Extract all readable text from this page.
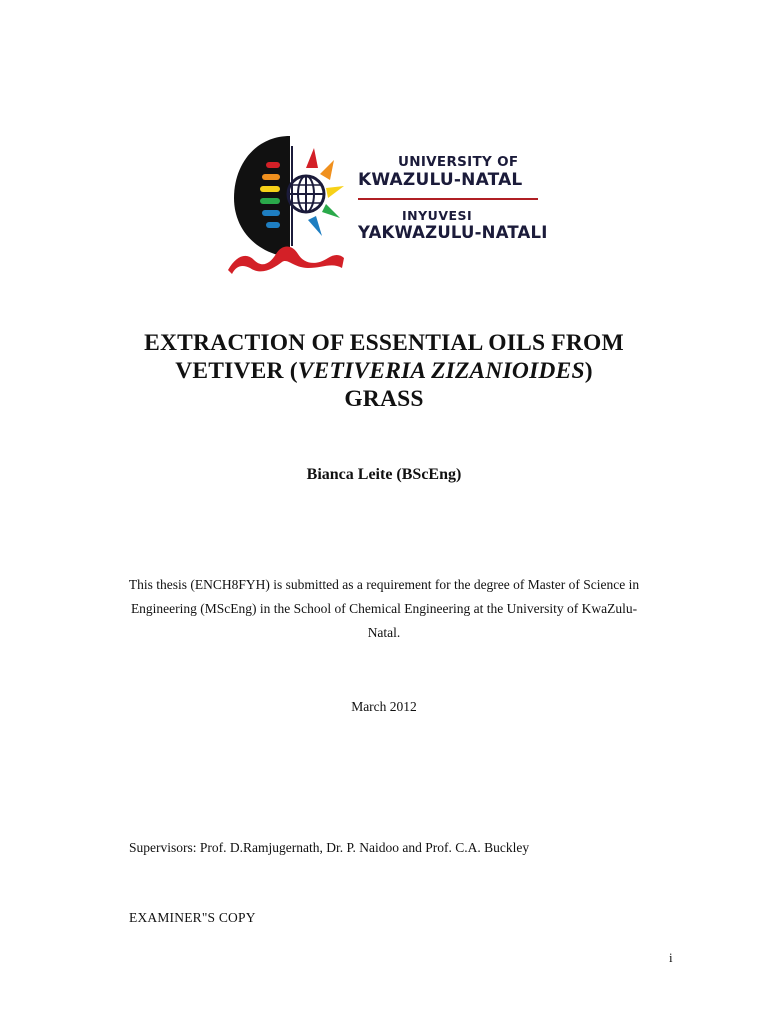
UNIVERSITY OF
KWAZULU-NATAL
INYUVESI
YAKWAZULU-NATALI
EXTRACTION OF ESSENTIAL OILS FROM
VETIVER (VETIVERIA ZIZANIOIDES)
GRASS
Bianca Leite (BScEng)
This thesis (ENCH8FYH) is submitted as a requirement for the degree of Master of Science in
Engineering (MScEng) in the School of Chemical Engineering at the University of KwaZulu-
Natal.
March 2012
Supervisors: Prof. D.Ramjugernath, Dr. P. Naidoo and Prof. C.A. Buckley
EXAMINER"S COPY
i
